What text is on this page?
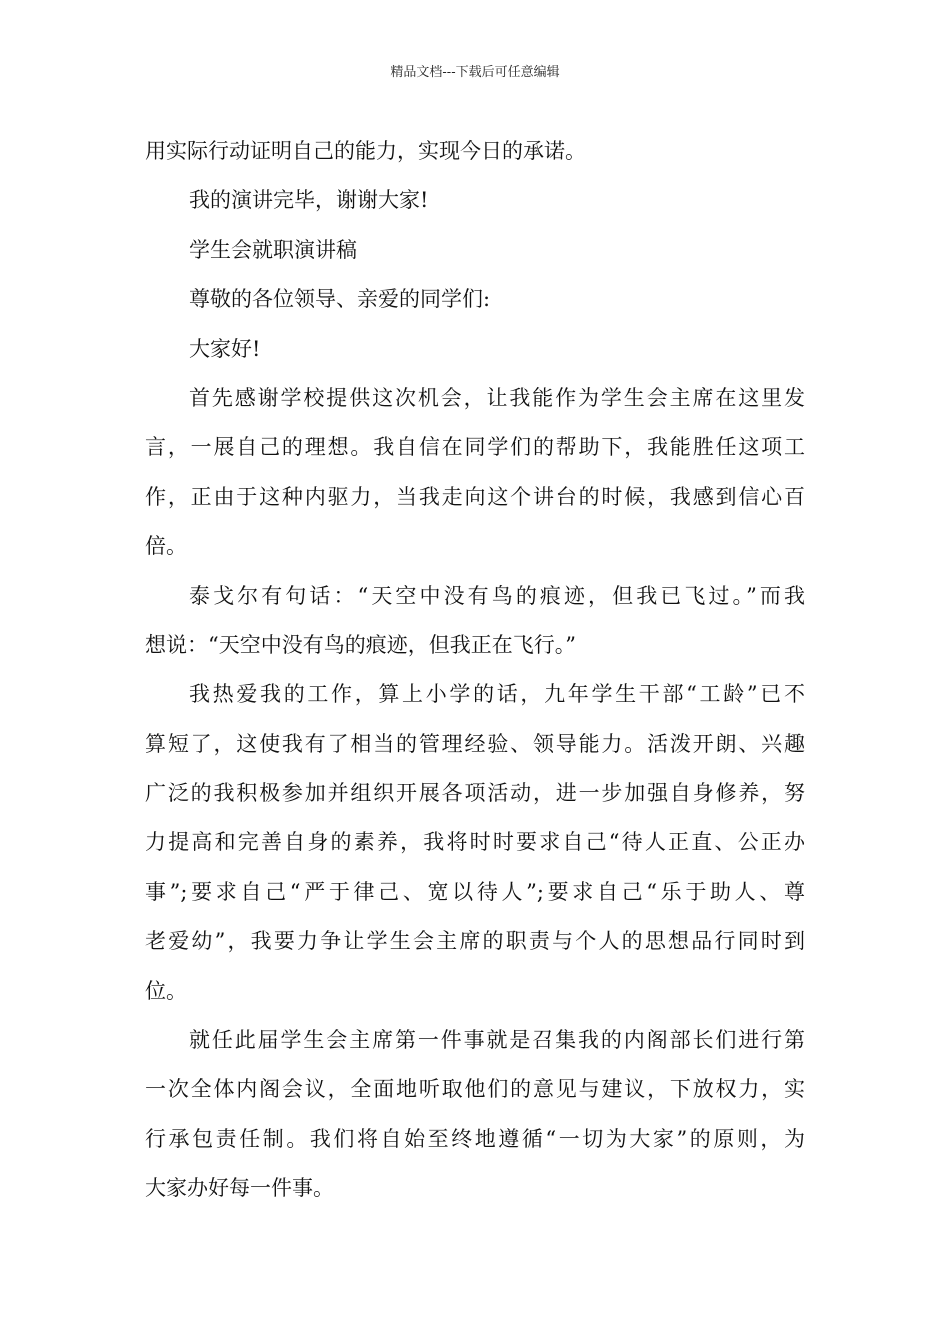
精品文档---下载后可任意编辑
用实际行动证明自己的能力，实现今日的承诺。
我的演讲完毕，谢谢大家!
学生会就职演讲稿
尊敬的各位领导、亲爱的同学们:
大家好!
首先感谢学校提供这次机会，让我能作为学生会主席在这里发
言，一展自己的理想。我自信在同学们的帮助下，我能胜任这项工
作，正由于这种内驱力，当我走向这个讲台的时候，我感到信心百
倍。
泰戈尔有句话：“天空中没有鸟的痕迹，但我已飞过。”而我
想说：“天空中没有鸟的痕迹，但我正在飞行。”
我热爱我的工作，算上小学的话，九年学生干部“工龄”已不
算短了，这使我有了相当的管理经验、领导能力。活泼开朗、兴趣
广泛的我积极参加并组织开展各项活动，进一步加强自身修养，努
力提高和完善自身的素养，我将时时要求自己“待人正直、公正办
事”;要求自己“严于律己、宽以待人”;要求自己“乐于助人、尊
老爱幼”，我要力争让学生会主席的职责与个人的思想品行同时到
位。
就任此届学生会主席第一件事就是召集我的内阁部长们进行第
一次全体内阁会议，全面地听取他们的意见与建议，下放权力，实
行承包责任制。我们将自始至终地遵循“一切为大家”的原则，为
大家办好每一件事。
